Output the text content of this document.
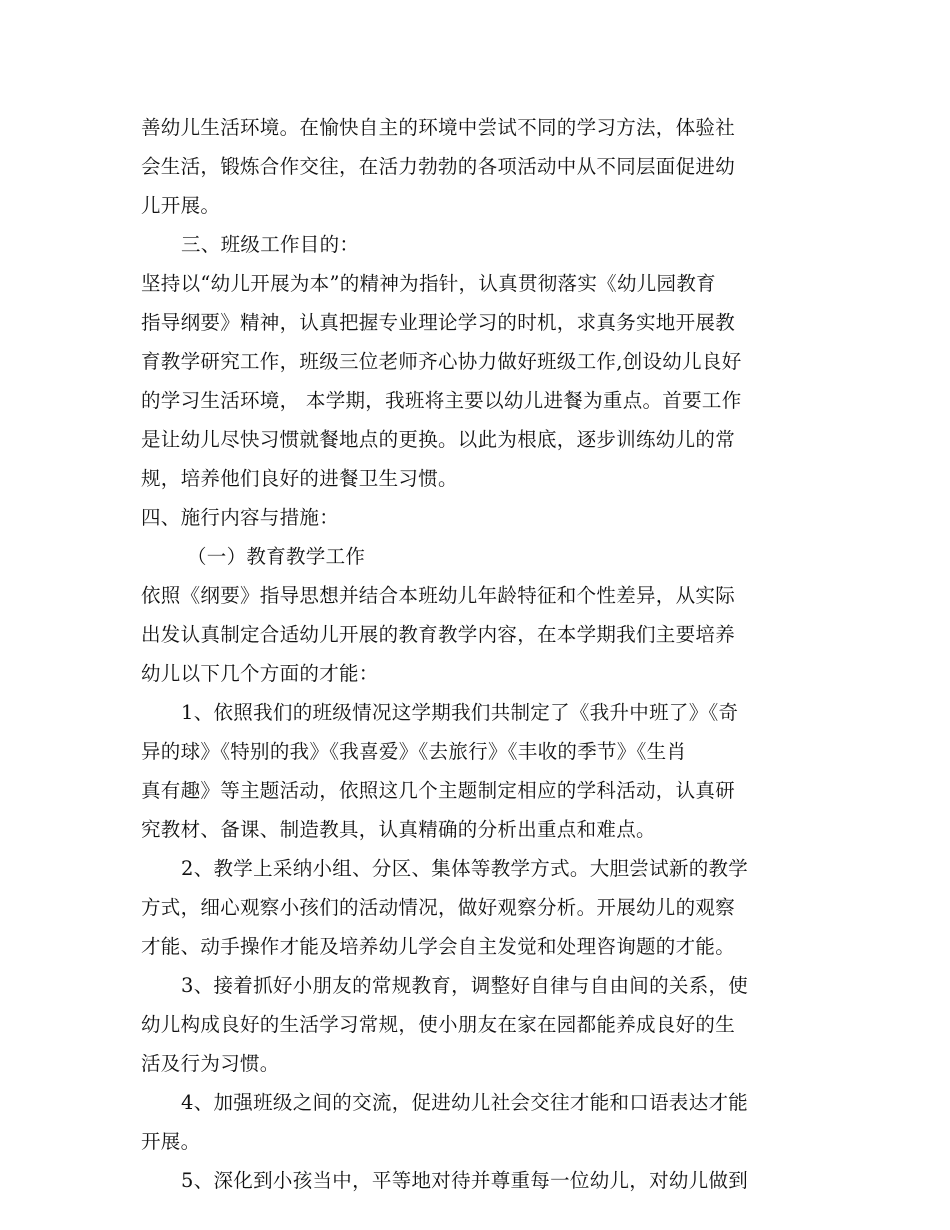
善幼儿生活环境。在愉快自主的环境中尝试不同的学习方法，体验社
会生活，锻炼合作交往，在活力勃勃的各项活动中从不同层面促进幼
儿开展。
三、班级工作目的：
坚持以“幼儿开展为本”的精神为指针，认真贯彻落实《幼儿园教育
指导纲要》精神，认真把握专业理论学习的时机，求真务实地开展教
育教学研究工作，班级三位老师齐心协力做好班级工作,创设幼儿良好
的学习生活环境， 本学期，我班将主要以幼儿进餐为重点。首要工作
是让幼儿尽快习惯就餐地点的更换。以此为根底，逐步训练幼儿的常
规，培养他们良好的进餐卫生习惯。
四、施行内容与措施：
（一）教育教学工作
依照《纲要》指导思想并结合本班幼儿年龄特征和个性差异，从实际
出发认真制定合适幼儿开展的教育教学内容，在本学期我们主要培养
幼儿以下几个方面的才能：
1、依照我们的班级情况这学期我们共制定了《我升中班了》《奇
异的球》《特别的我》《我喜爱》《去旅行》《丰收的季节》《生肖
真有趣》等主题活动，依照这几个主题制定相应的学科活动，认真研
究教材、备课、制造教具，认真精确的分析出重点和难点。
2、教学上采纳小组、分区、集体等教学方式。大胆尝试新的教学
方式，细心观察小孩们的活动情况，做好观察分析。开展幼儿的观察
才能、动手操作才能及培养幼儿学会自主发觉和处理咨询题的才能。
3、接着抓好小朋友的常规教育，调整好自律与自由间的关系，使
幼儿构成良好的生活学习常规，使小朋友在家在园都能养成良好的生
活及行为习惯。
4、加强班级之间的交流，促进幼儿社会交往才能和口语表达才能
开展。
5、深化到小孩当中，平等地对待并尊重每一位幼儿，对幼儿做到
